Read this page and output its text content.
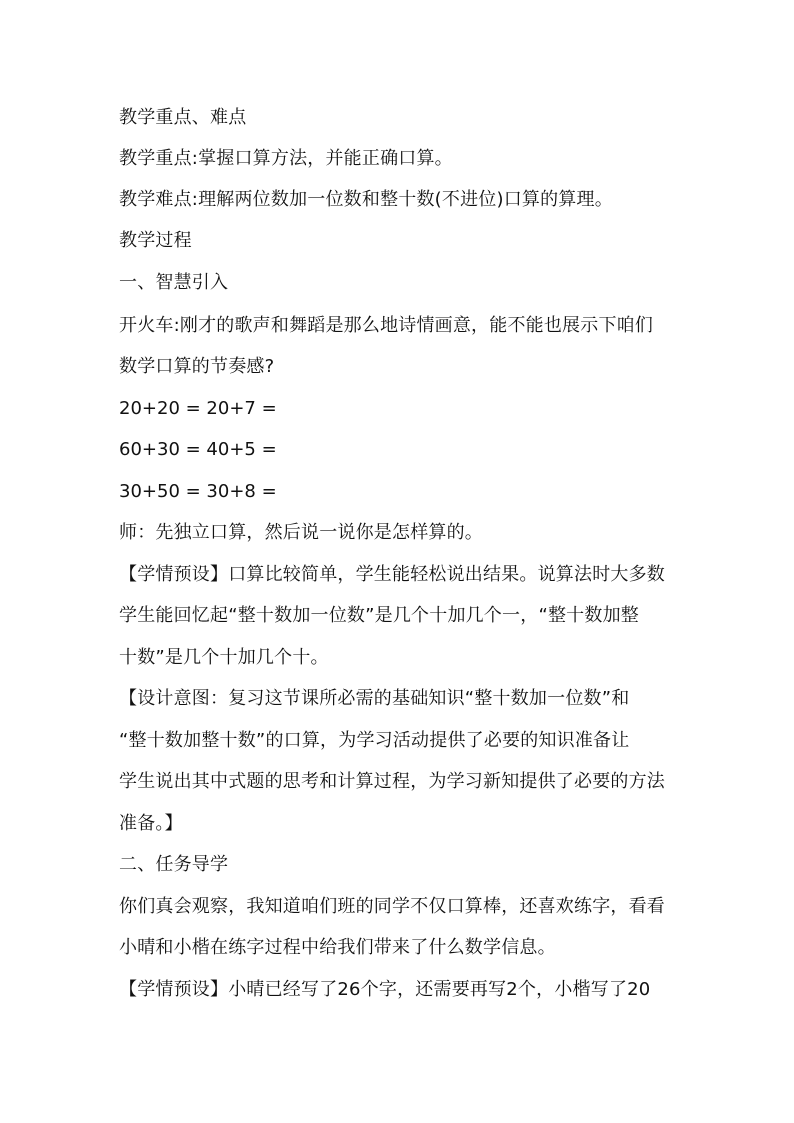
教学重点、难点
教学重点:掌握口算方法，并能正确口算。
教学难点:理解两位数加一位数和整十数(不进位)口算的算理。
教学过程
一、智慧引入
开火车:刚才的歌声和舞蹈是那么地诗情画意，能不能也展示下咱们
数学口算的节奏感?
20+20 = 20+7 =
60+30 = 40+5 =
30+50 = 30+8 =
师：先独立口算，然后说一说你是怎样算的。
【学情预设】口算比较简单，学生能轻松说出结果。说算法时大多数
学生能回忆起“整十数加一位数”是几个十加几个一，“整十数加整
十数”是几个十加几个十。
【设计意图：复习这节课所必需的基础知识“整十数加一位数”和
“整十数加整十数”的口算，为学习活动提供了必要的知识准备让
学生说出其中式题的思考和计算过程，为学习新知提供了必要的方法
准备。】
二、任务导学
你们真会观察，我知道咱们班的同学不仅口算棒，还喜欢练字，看看
小晴和小楷在练字过程中给我们带来了什么数学信息。
【学情预设】小晴已经写了26个字，还需要再写2个，小楷写了20
